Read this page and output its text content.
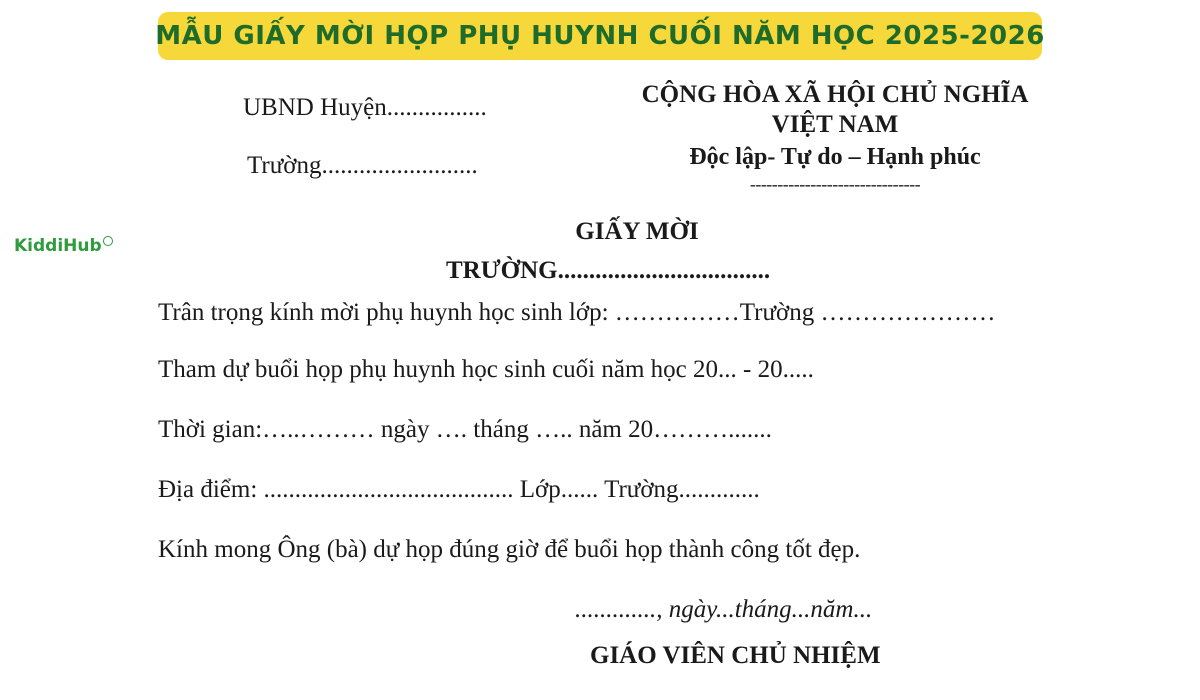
MẪU GIẤY MỜI HỌP PHỤ HUYNH CUỐI NĂM HỌC 2025-2026
KiddiHub
UBND Huyện................
Trường.........................
CỘNG HÒA XÃ HỘI CHỦ NGHĨA
VIỆT NAM
Độc lập- Tự do – Hạnh phúc
-------------------------------
GIẤY MỜI
TRƯỜNG..................................
Trân trọng kính mời phụ huynh học sinh lớp: ……………Trường …………………
Tham dự buổi họp phụ huynh học sinh cuối năm học 20... - 20.....
Thời gian:…..……… ngày …. tháng ….. năm 20……….......
Địa điểm: ........................................ Lớp...... Trường.............
Kính mong Ông (bà) dự họp đúng giờ để buổi họp thành công tốt đẹp.
............., ngày...tháng...năm...
GIÁO VIÊN CHỦ NHIỆM
